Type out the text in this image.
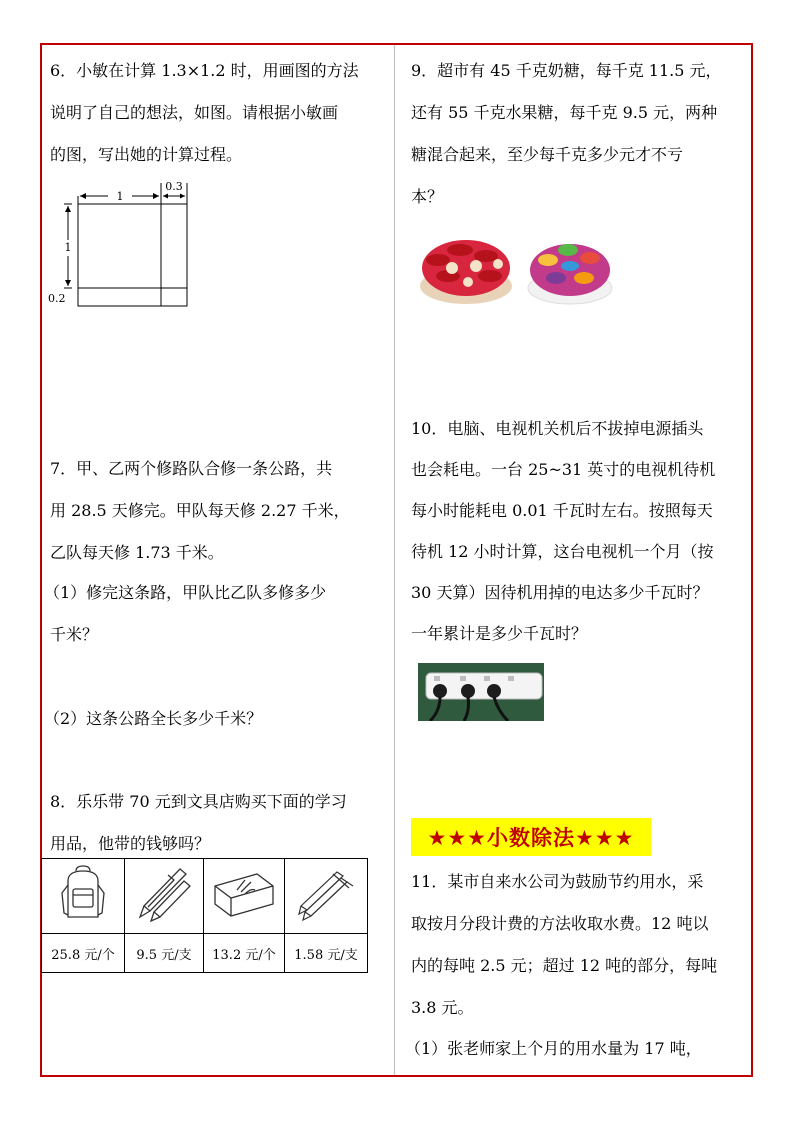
6．小敏在计算 1.3×1.2 时，用画图的方法
说明了自己的想法，如图。请根据小敏画
的图，写出她的计算过程。
1
0.3
1
0.2
7．甲、乙两个修路队合修一条公路，共
用 28.5 天修完。甲队每天修 2.27 千米，
乙队每天修 1.73 千米。
（1）修完这条路，甲队比乙队多修多少
千米？
（2）这条公路全长多少千米？
8．乐乐带 70 元到文具店购买下面的学习
用品，他带的钱够吗？

25.8 元/个	9.5 元/支	13.2 元/个	1.58 元/支
9．超市有 45 千克奶糖，每千克 11.5 元，
还有 55 千克水果糖，每千克 9.5 元，两种
糖混合起来，至少每千克多少元才不亏
本？
10．电脑、电视机关机后不拔掉电源插头
也会耗电。一台 25~31 英寸的电视机待机
每小时能耗电 0.01 千瓦时左右。按照每天
待机 12 小时计算，这台电视机一个月（按
30 天算）因待机用掉的电达多少千瓦时？
一年累计是多少千瓦时？
★★★小数除法★★★
11．某市自来水公司为鼓励节约用水，采
取按月分段计费的方法收取水费。12 吨以
内的每吨 2.5 元；超过 12 吨的部分，每吨
3.8 元。
（1）张老师家上个月的用水量为 17 吨，
